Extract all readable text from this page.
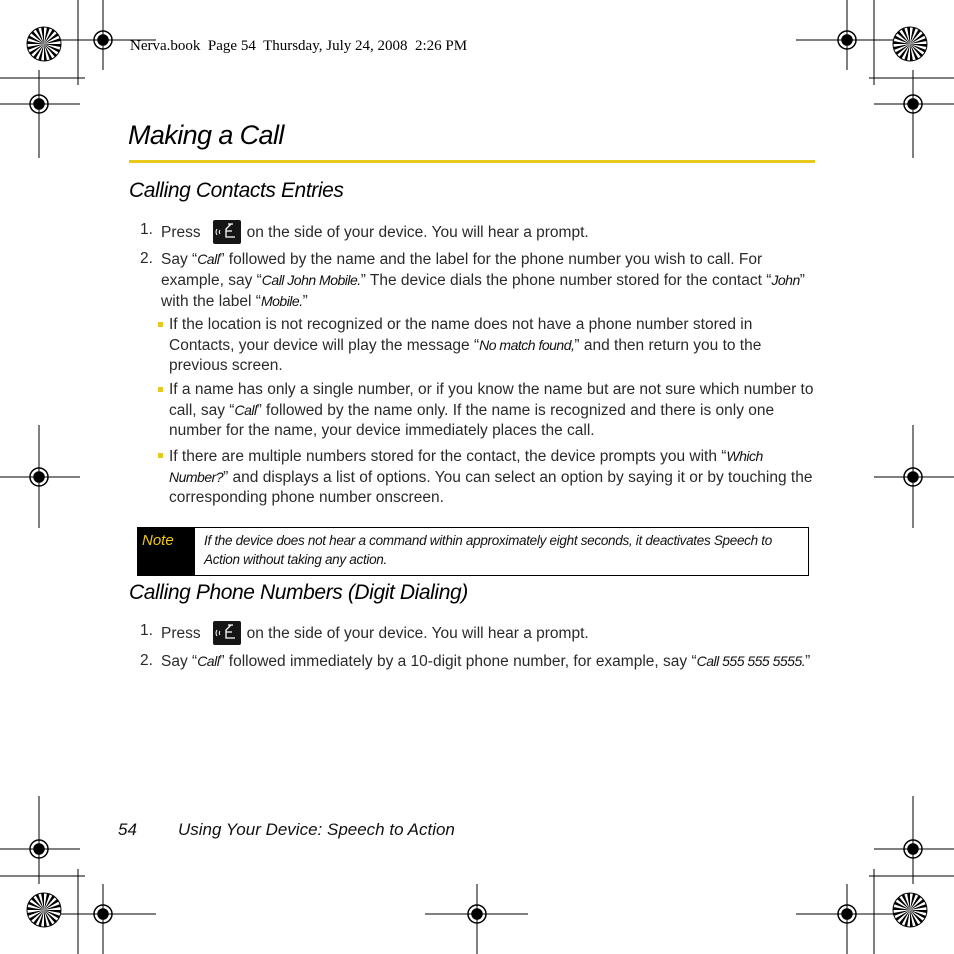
Nerva.book Page 54 Thursday, July 24, 2008  2:26 PM
Making a Call
Calling Contacts Entries
1. Press	on the side of your device. You will hear a prompt.
2. Say “Call” followed by the name and the label for the phone number you wish to call. For example, say “Call John Mobile.” The device dials the phone number stored for the contact “John” with the label “Mobile.”
If the location is not recognized or the name does not have a phone number stored in Contacts, your device will play the message “No match found,” and then return you to the previous screen.
If a name has only a single number, or if you know the name but are not sure which number to call, say “Call” followed by the name only. If the name is recognized and there is only one number for the name, your device immediately places the call.
If there are multiple numbers stored for the contact, the device prompts you with “Which Number?” and displays a list of options. You can select an option by saying it or by touching the corresponding phone number onscreen.
Note	If the device does not hear a command within approximately eight seconds, it deactivates Speech to Action without taking any action.
Calling Phone Numbers (Digit Dialing)
1. Press	on the side of your device. You will hear a prompt.
2. Say “Call” followed immediately by a 10-digit phone number, for example, say “Call 555 555 5555.”
54 Using Your Device: Speech to Action
